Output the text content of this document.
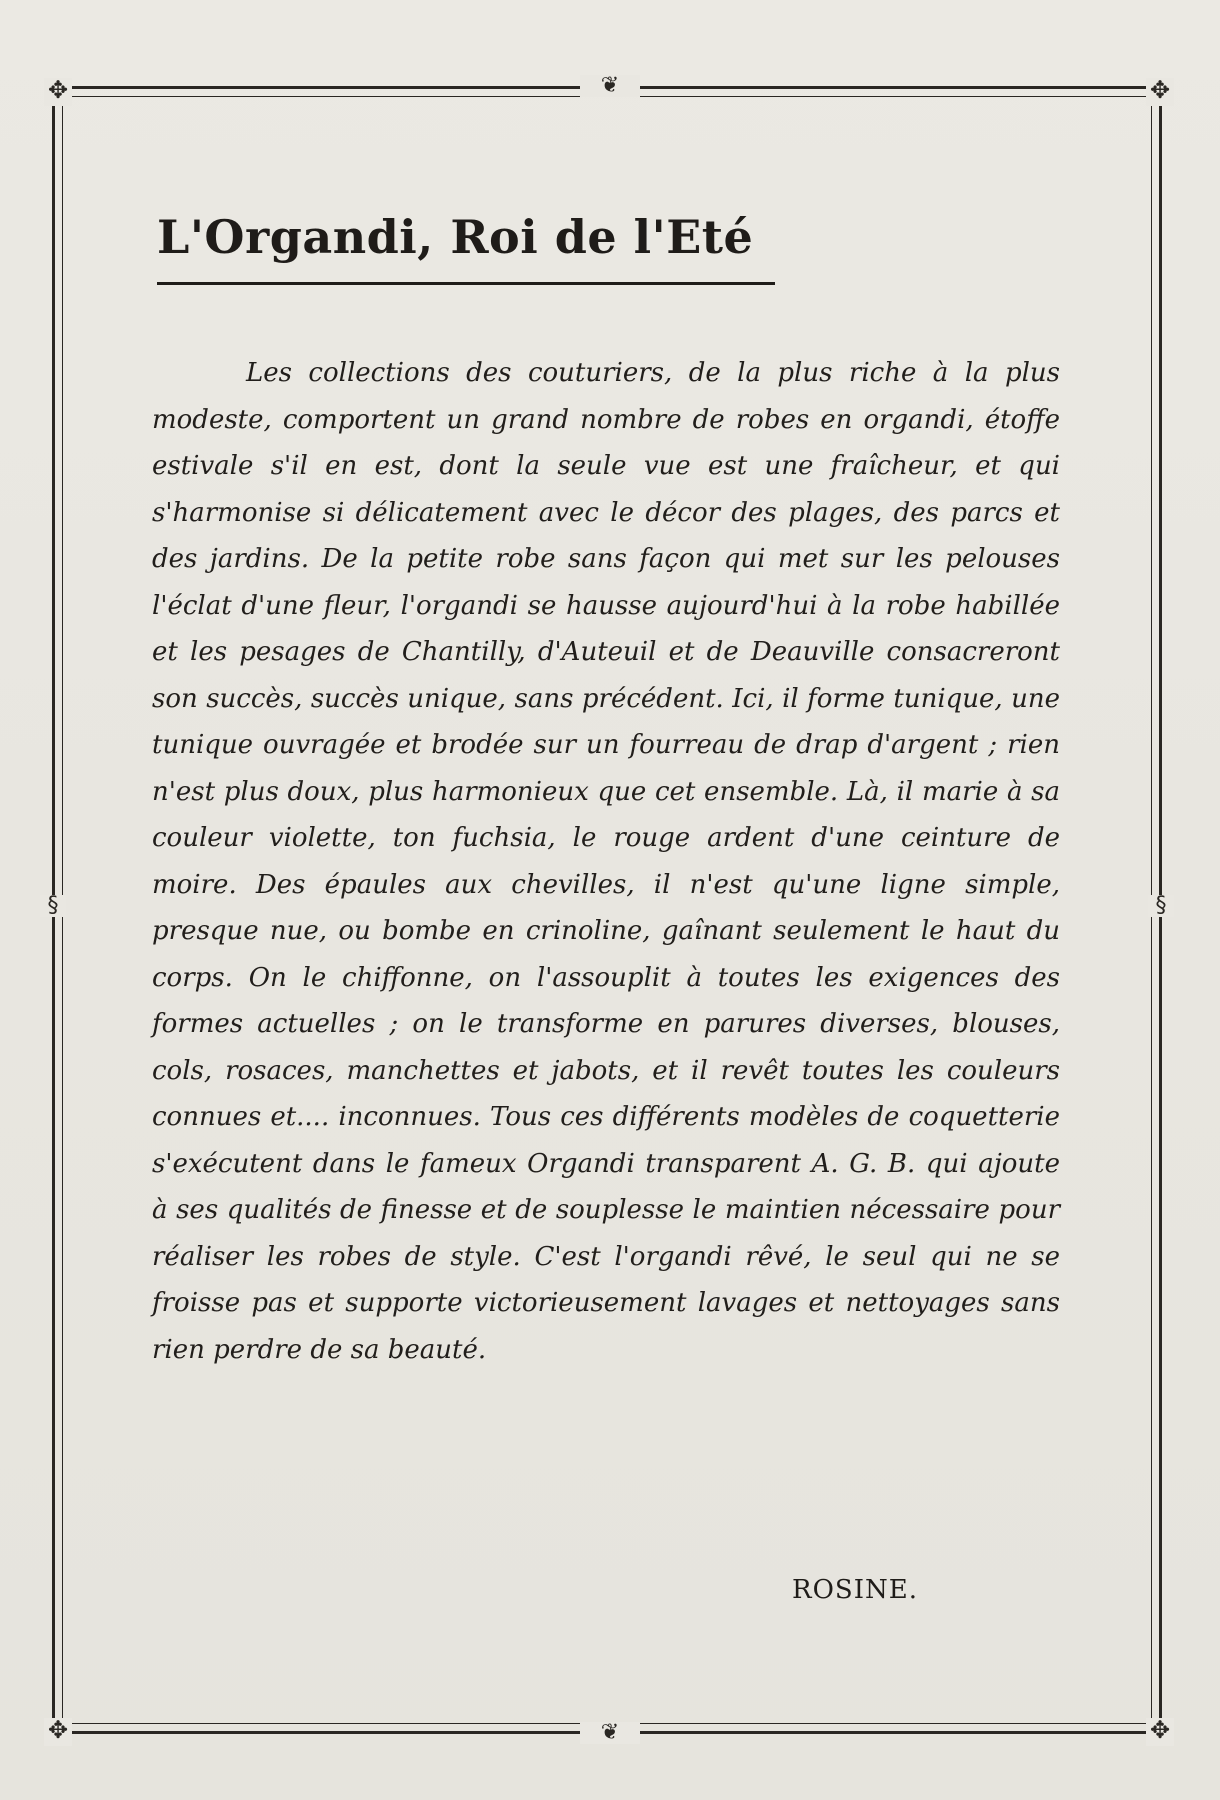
❦
❦
§	§
✥	✥
✥	✥
L'Organdi, Roi de l'Eté

Les collections des couturiers, de la plus riche à la plus modeste, comportent un grand nombre de robes en organdi, étoffe estivale s'il en est, dont la seule vue est une fraîcheur, et qui s'harmonise si délicatement avec le décor des plages, des parcs et des jardins. De la petite robe sans façon qui met sur les pelouses l'éclat d'une fleur, l'organdi se hausse aujourd'hui à la robe habillée et les pesages de Chantilly, d'Auteuil et de Deauville consacreront son succès, succès unique, sans précédent. Ici, il forme tunique, une tunique ouvragée et brodée sur un fourreau de drap d'argent ; rien n'est plus doux, plus harmonieux que cet ensemble. Là, il marie à sa couleur violette, ton fuchsia, le rouge ardent d'une ceinture de moire. Des épaules aux chevilles, il n'est qu'une ligne simple, presque nue, ou bombe en crinoline, gaînant seulement le haut du corps. On le chiffonne, on l'assouplit à toutes les exigences des formes actuelles ; on le transforme en parures diverses, blouses, cols, rosaces, manchettes et jabots, et il revêt toutes les couleurs connues et.... inconnues. Tous ces différents modèles de coquetterie s'exécutent dans le fameux Organdi transparent A. G. B. qui ajoute à ses qualités de finesse et de souplesse le maintien nécessaire pour réaliser les robes de style. C'est l'organdi rêvé, le seul qui ne se froisse pas et supporte victorieusement lavages et nettoyages sans rien perdre de sa beauté.

ROSINE.
